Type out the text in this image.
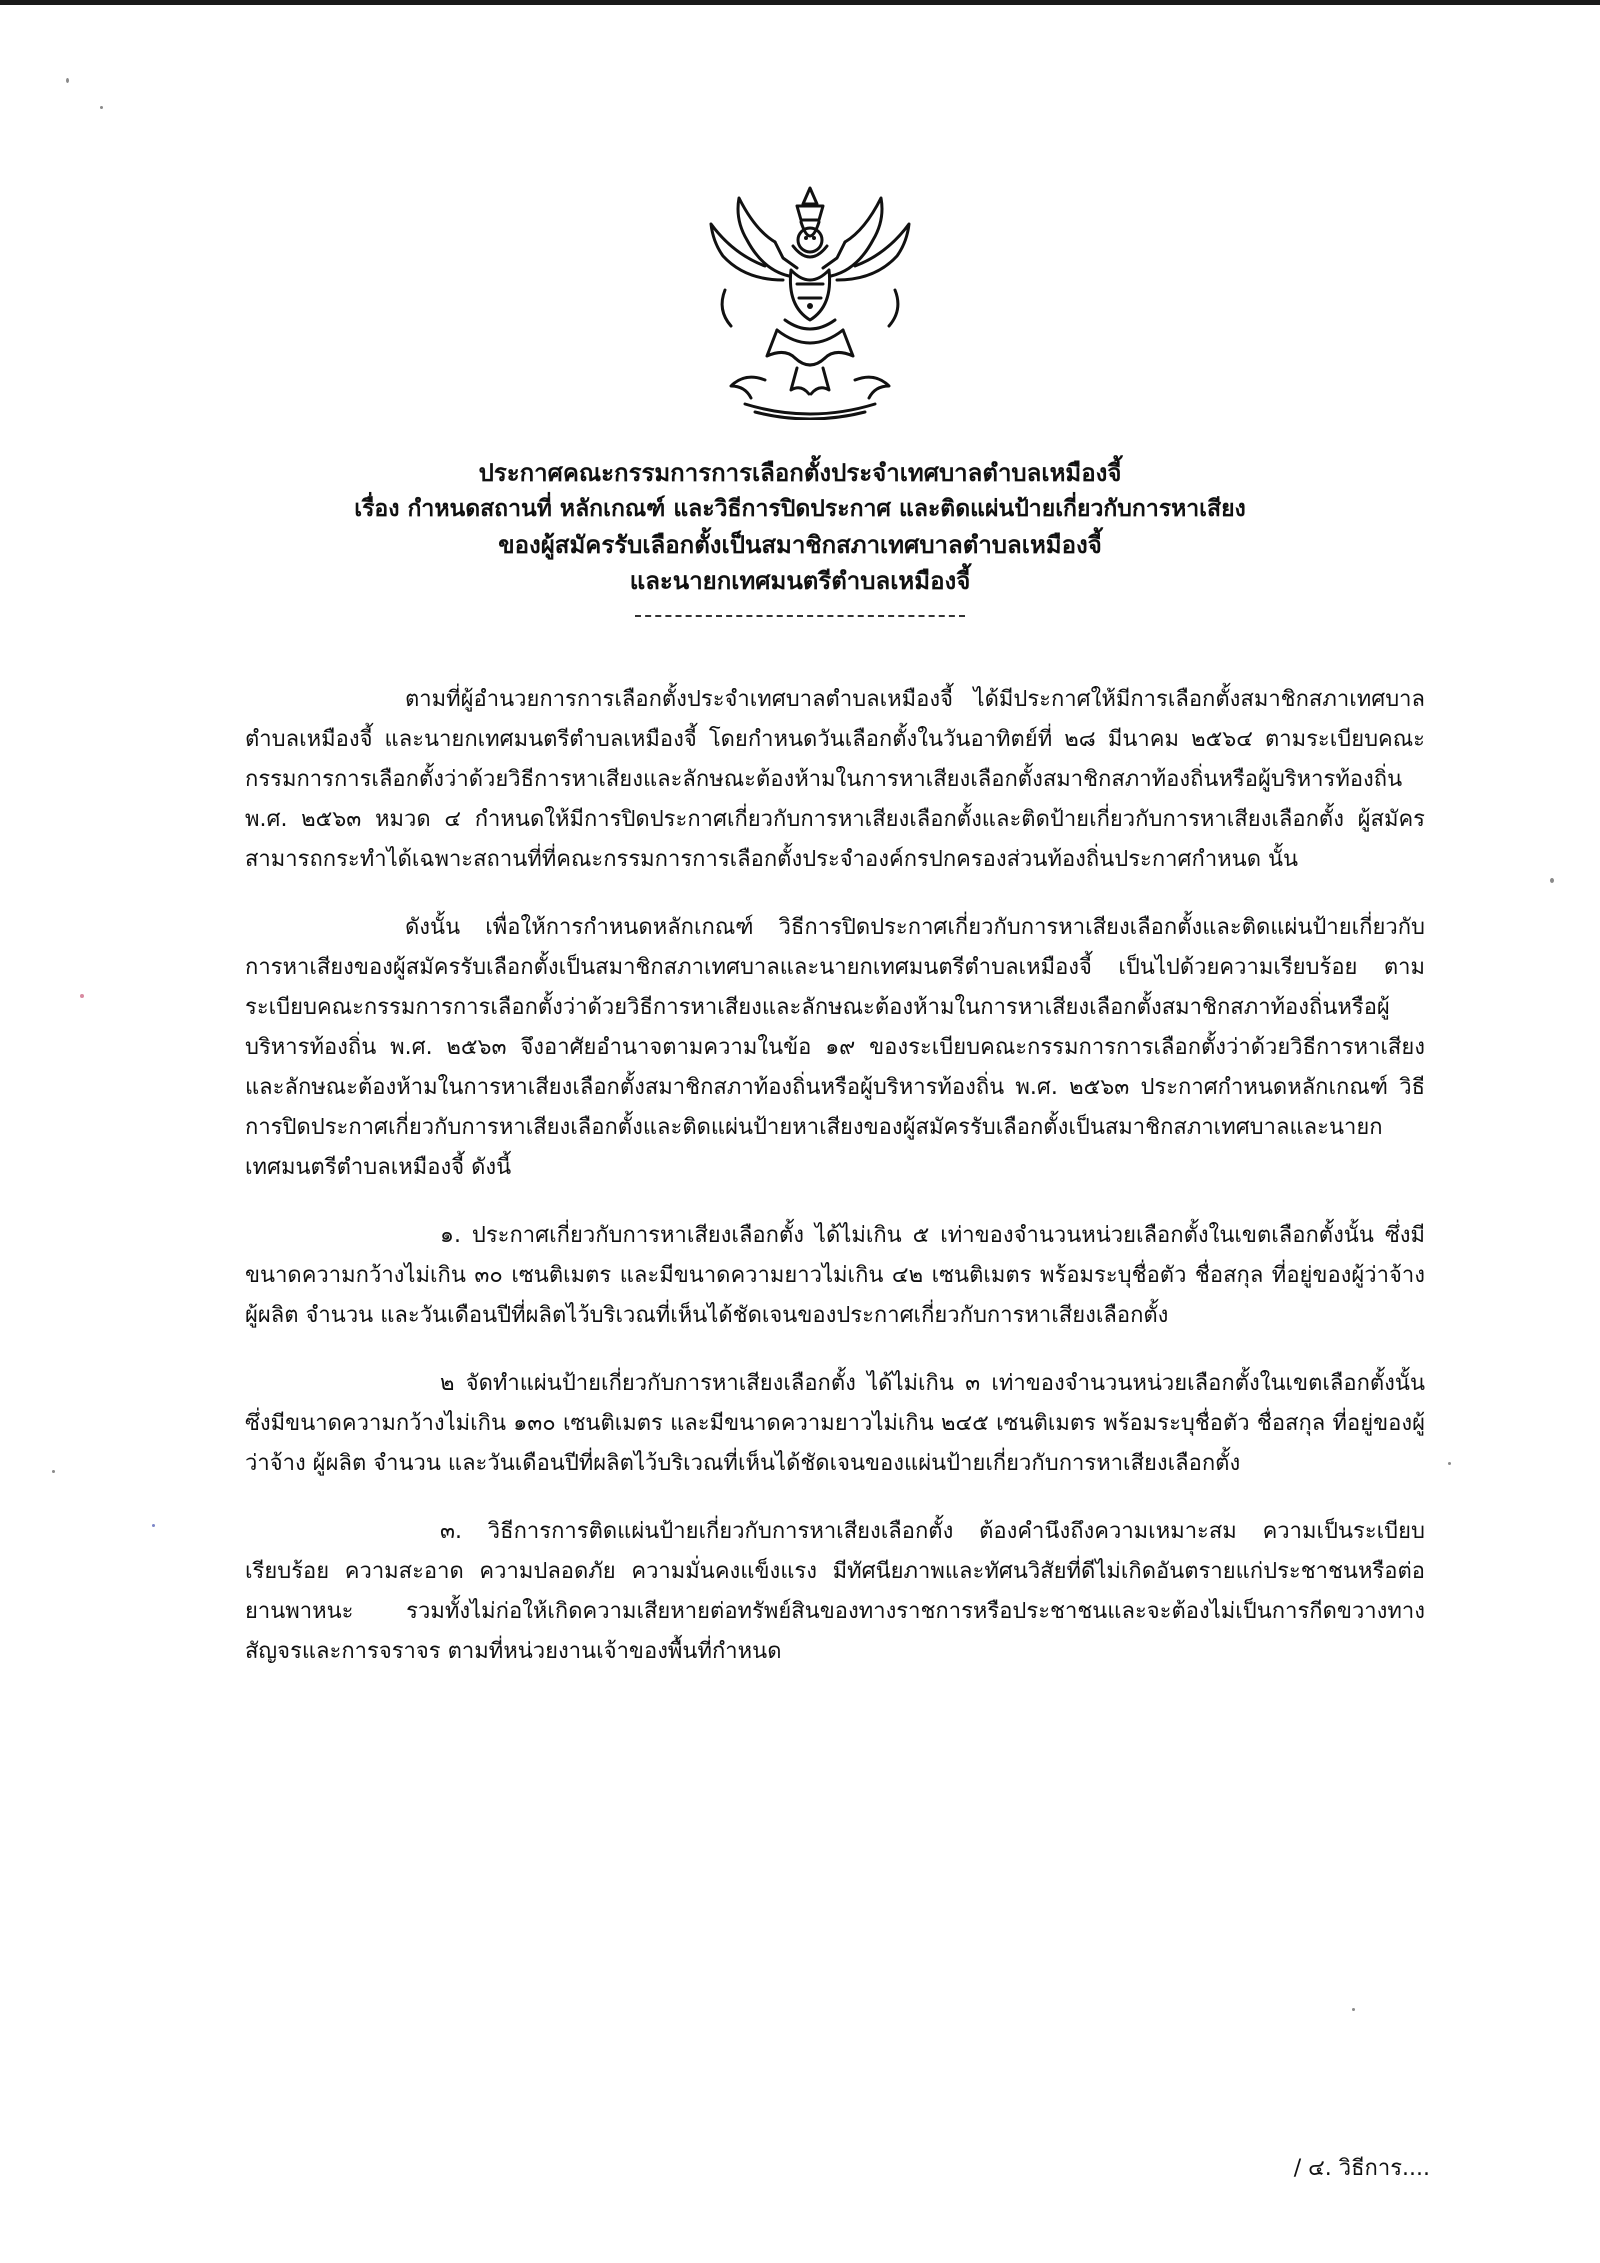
ประกาศคณะกรรมการการเลือกตั้งประจำเทศบาลตำบลเหมืองจี้
เรื่อง กำหนดสถานที่ หลักเกณฑ์ และวิธีการปิดประกาศ และติดแผ่นป้ายเกี่ยวกับการหาเสียง
ของผู้สมัครรับเลือกตั้งเป็นสมาชิกสภาเทศบาลตำบลเหมืองจี้
และนายกเทศมนตรีตำบลเหมืองจี้

ตามที่ผู้อำนวยการการเลือกตั้งประจำเทศบาลตำบลเหมืองจี้ ได้มีประกาศให้มีการเลือกตั้งสมาชิกสภาเทศบาลตำบลเหมืองจี้ และนายกเทศมนตรีตำบลเหมืองจี้ โดยกำหนดวันเลือกตั้งในวันอาทิตย์ที่ ๒๘ มีนาคม ๒๕๖๔ ตามระเบียบคณะกรรมการการเลือกตั้งว่าด้วยวิธีการหาเสียงและลักษณะต้องห้ามในการหาเสียงเลือกตั้งสมาชิกสภาท้องถิ่นหรือผู้บริหารท้องถิ่น พ.ศ. ๒๕๖๓ หมวด ๔ กำหนดให้มีการปิดประกาศเกี่ยวกับการหาเสียงเลือกตั้งและติดป้ายเกี่ยวกับการหาเสียงเลือกตั้ง ผู้สมัครสามารถกระทำได้เฉพาะสถานที่ที่คณะกรรมการการเลือกตั้งประจำองค์กรปกครองส่วนท้องถิ่นประกาศกำหนด นั้น

ดังนั้น เพื่อให้การกำหนดหลักเกณฑ์ วิธีการปิดประกาศเกี่ยวกับการหาเสียงเลือกตั้งและติดแผ่นป้ายเกี่ยวกับการหาเสียงของผู้สมัครรับเลือกตั้งเป็นสมาชิกสภาเทศบาลและนายกเทศมนตรีตำบลเหมืองจี้ เป็นไปด้วยความเรียบร้อย ตามระเบียบคณะกรรมการการเลือกตั้งว่าด้วยวิธีการหาเสียงและลักษณะต้องห้ามในการหาเสียงเลือกตั้งสมาชิกสภาท้องถิ่นหรือผู้บริหารท้องถิ่น พ.ศ. ๒๕๖๓ จึงอาศัยอำนาจตามความในข้อ ๑๙ ของระเบียบคณะกรรมการการเลือกตั้งว่าด้วยวิธีการหาเสียงและลักษณะต้องห้ามในการหาเสียงเลือกตั้งสมาชิกสภาท้องถิ่นหรือผู้บริหารท้องถิ่น พ.ศ. ๒๕๖๓ ประกาศกำหนดหลักเกณฑ์ วิธีการปิดประกาศเกี่ยวกับการหาเสียงเลือกตั้งและติดแผ่นป้ายหาเสียงของผู้สมัครรับเลือกตั้งเป็นสมาชิกสภาเทศบาลและนายกเทศมนตรีตำบลเหมืองจี้ ดังนี้

๑. ประกาศเกี่ยวกับการหาเสียงเลือกตั้ง ได้ไม่เกิน ๕ เท่าของจำนวนหน่วยเลือกตั้งในเขตเลือกตั้งนั้น ซึ่งมีขนาดความกว้างไม่เกิน ๓๐ เซนติเมตร และมีขนาดความยาวไม่เกิน ๔๒ เซนติเมตร พร้อมระบุชื่อตัว ชื่อสกุล ที่อยู่ของผู้ว่าจ้าง ผู้ผลิต จำนวน และวันเดือนปีที่ผลิตไว้บริเวณที่เห็นได้ชัดเจนของประกาศเกี่ยวกับการหาเสียงเลือกตั้ง

๒ จัดทำแผ่นป้ายเกี่ยวกับการหาเสียงเลือกตั้ง ได้ไม่เกิน ๓ เท่าของจำนวนหน่วยเลือกตั้งในเขตเลือกตั้งนั้น ซึ่งมีขนาดความกว้างไม่เกิน ๑๓๐ เซนติเมตร และมีขนาดความยาวไม่เกิน ๒๔๕ เซนติเมตร พร้อมระบุชื่อตัว ชื่อสกุล ที่อยู่ของผู้ว่าจ้าง ผู้ผลิต จำนวน และวันเดือนปีที่ผลิตไว้บริเวณที่เห็นได้ชัดเจนของแผ่นป้ายเกี่ยวกับการหาเสียงเลือกตั้ง

๓. วิธีการการติดแผ่นป้ายเกี่ยวกับการหาเสียงเลือกตั้ง ต้องคำนึงถึงความเหมาะสม ความเป็นระเบียบเรียบร้อย ความสะอาด ความปลอดภัย ความมั่นคงแข็งแรง มีทัศนียภาพและทัศนวิสัยที่ดีไม่เกิดอันตรายแก่ประชาชนหรือต่อยานพาหนะ รวมทั้งไม่ก่อให้เกิดความเสียหายต่อทรัพย์สินของทางราชการหรือประชาชนและจะต้องไม่เป็นการกีดขวางทางสัญจรและการจราจร ตามที่หน่วยงานเจ้าของพื้นที่กำหนด

/ ๔. วิธีการ....
